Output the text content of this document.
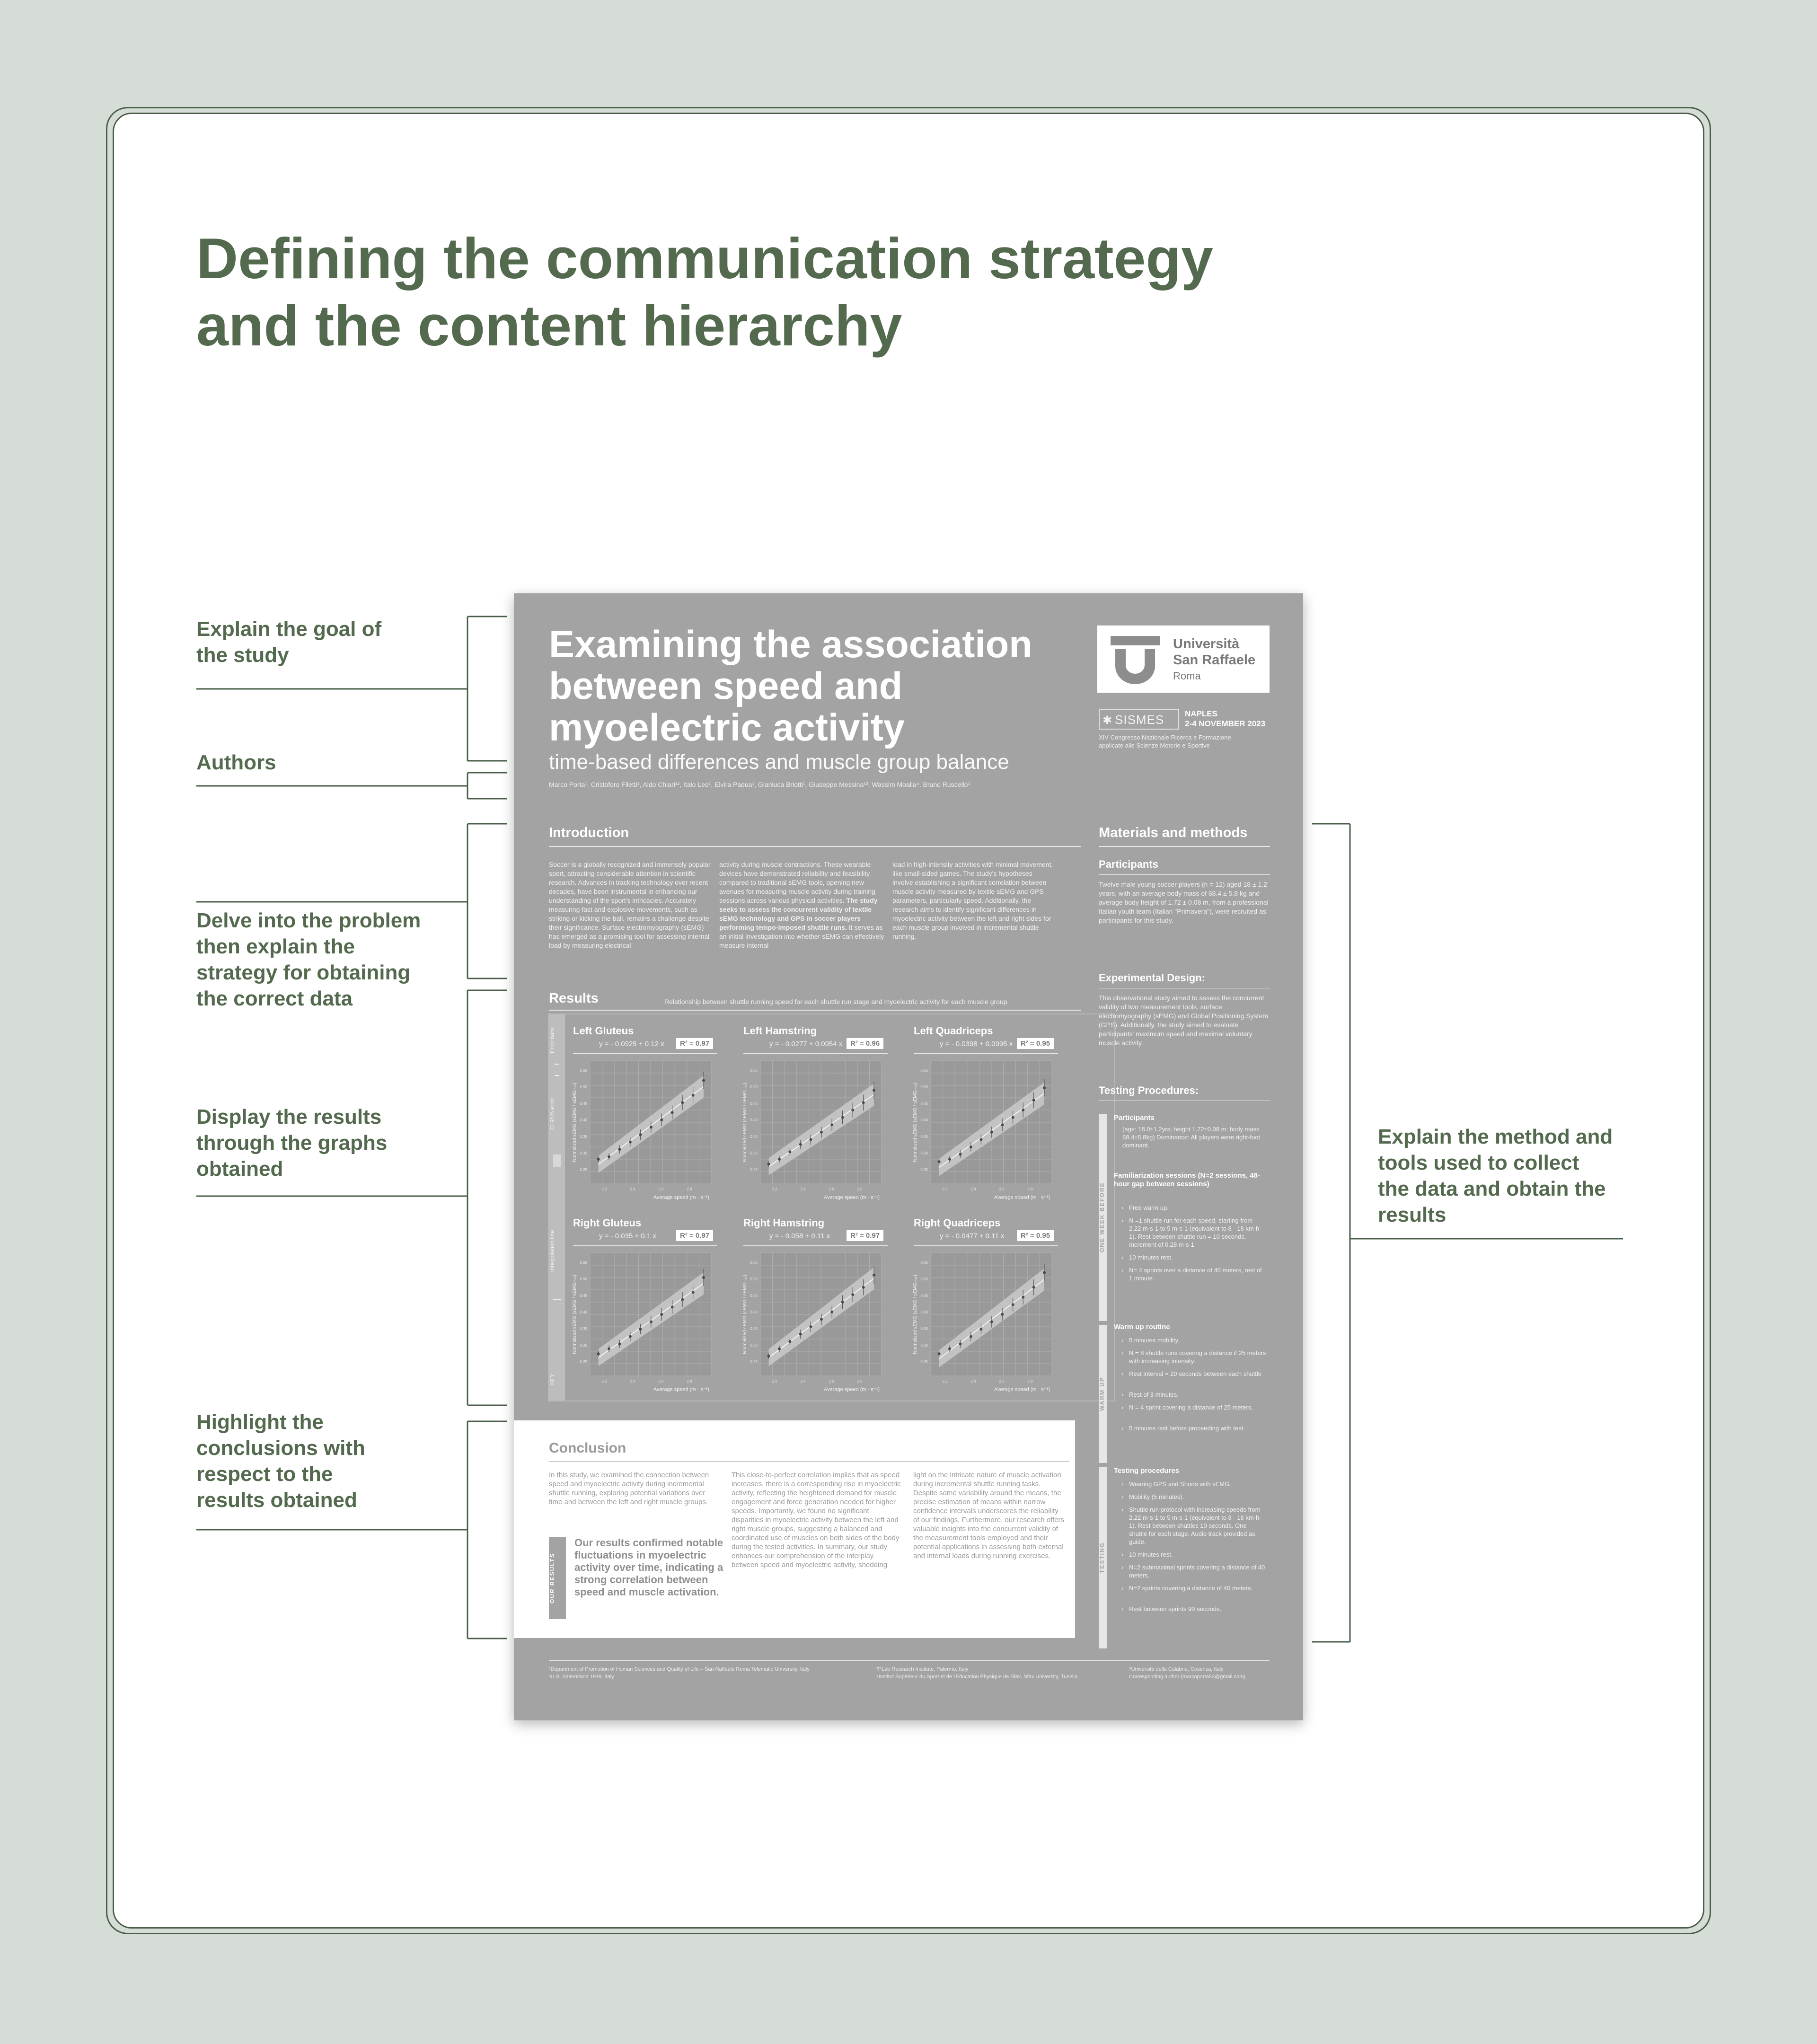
Defining the communication strategy
and the content hierarchy
Explain the goal of
the study
Authors
Delve into the problem
then explain the
strategy for obtaining
the correct data
Display the results
through the graphs
obtained
Highlight the
conclusions with
respect to the
results obtained
Explain the method and
tools used to collect
the data and obtain the
results
Examining the association
between speed and
myoelectric activity
time-based differences and muscle group balance
Marco Porta¹, Cristoforo Filetti¹, Aldo Chiari¹², Italo Leo¹, Elvira Padua¹, Gianluca Briotti¹, Giuseppe Messina¹³, Wassim Moalla⁴, Bruno Ruscello¹
Università
San Raffaele
Roma
✱ SISMES	NAPLES
2-4 NOVEMBER 2023
XIV Congresso Nazionale Ricerca e Formazione
applicate alle Scienze Motorie e Sportive
Introduction
Soccer is a globally recognized and immensely popular sport, attracting considerable attention in scientific research. Advances in tracking technology over recent decades, have been instrumental in enhancing our understanding of the sport's intricacies. Accurately measuring fast and explosive movements, such as striking or kicking the ball, remains a challenge despite their significance. Surface electromyography (sEMG) has emerged as a promising tool for assessing internal load by measuring electrical
activity during muscle contractions. These wearable devices have demonstrated reliability and feasibility compared to traditional sEMG tools, opening new avenues for measuring muscle activity during training sessions across various physical activities. The study seeks to assess the concurrent validity of textile sEMG technology and GPS in soccer players performing tempo-imposed shuttle runs. It serves as an initial investigation into whether sEMG can effectively measure internal
load in high-intensity activities with minimal movement, like small-sided games. The study's hypotheses involve establishing a significant correlation between muscle activity measured by textile sEMG and GPS parameters, particularly speed. Additionally, the research aims to identify significant differences in myoelectric activity between the left and right sides for each muscle group involved in incremental shuttle running.
Results	Relationship between shuttle running speed for each shuttle run stage and myoelectric activity for each muscle group.
KEY
Interpolation line
CI 95% error
Error bars
Conclusion
In this study, we examined the connection between speed and myoelectric activity during incremental shuttle running, exploring potential variations over time and between the left and right muscle groups.
OUR RESULTS
Our results confirmed notable fluctuations in myoelectric activity over time, indicating a strong correlation between speed and muscle activation.
This close-to-perfect correlation implies that as speed increases, there is a corresponding rise in myoelectric activity, reflecting the heightened demand for muscle engagement and force generation needed for higher speeds. Importantly, we found no significant disparities in myoelectric activity between the left and right muscle groups, suggesting a balanced and coordinated use of muscles on both sides of the body during the tested activities. In summary, our study enhances our comprehension of the interplay between speed and myoelectric activity, shedding
light on the intricate nature of muscle activation during incremental shuttle running tasks. Despite some variability around the means, the precise estimation of means within narrow confidence intervals underscores the reliability of our findings. Furthermore, our research offers valuable insights into the concurrent validity of the measurement tools employed and their potential applications in assessing both external and internal loads during running exercises.
Materials and methods
Participants
Twelve male young soccer players (n = 12) aged 18 ± 1.2 years, with an average body mass of 68.4 ± 5.8 kg and average body height of 1.72 ± 0.08 m, from a professional Italian youth team (Italian "Primavera"), were recruited as participants for this study.
Experimental Design:
This observational study aimed to assess the concurrent validity of two measurement tools, surface electromyography (sEMG) and Global Positioning System (GPS). Additionally, the study aimed to evaluate participants' maximum speed and maximal voluntary muscle activity.
Testing Procedures:
ONE WEEK BEFORE
WARM UP
TESTING
Participants
(age: 18.0±1.2yrs; height 1.72±0.08 m; body mass 68.4±5.8kg) Dominance: All players were right-foot dominant.
Familiarization sessions (N=2 sessions, 48-hour gap between sessions)
Warm up routine
Testing procedures
¹Department of Promotion of Human Sciences and Quality of Life – San Raffaele Roma Telematic University, Italy
²U.S. Salernitana 1919, Italy
³PLab Research Institute, Palermo, Italy
⁴Institut Supérieur du Sport et de l'Education Physique de Sfax, Sfax University, Tunisia
⁵Università della Calabria, Cosenza, Italy
Corresponding author (marcoporta83@gmail.com)
› Free warm up.
› N =1 shuttle run for each speed, starting from 2.22 m·s-1 to 5 m·s-1 (equivalent to 8 - 18 km·h-1). Rest between shuttle run = 10 seconds. Increment of 0.28 m·s-1
› 10 minutes rest.
› N= 4 sprints over a distance of 40 meters, rest of 1 minute.
› 5 minutes mobility.
› N = 8 shuttle runs covering a distance if 25 meters with increasing intensity.
› Rest interval = 20 seconds between each shuttle
› Rest of 3 minutes.
› N = 4 sprint covering a distance of 25 meters.
› 5 minutes rest before proceeding with test.
› Wearing GPS and Shorts with sEMG.
› Mobility (5 minutes).
› Shuttle run protocol with increasing speeds from 2.22 m·s-1 to 5 m·s-1 (equivalent to 8 - 18 km·h-1). Rest between shuttles 10 seconds. One shuttle for each stage. Audio track provided as guide.
› 10 minutes rest.
› N=2 submaximal sprints covering a distance of 40 meters.
› N=2 sprints covering a distance of 40 meters.
› Rest between sprints 90 seconds.
Left Gluteus
y = - 0.0925 + 0.12 x	R² = 0.97
0.25
0.30
0.35
0.40
0.45
0.50
0.55
2.2	2.4	2.6	2.8
Average speed (m · s⁻¹)
Normalized sEMG (sEMG / sEMGₘₐₓ)
Left Hamstring
y = - 0.0277 + 0.0954 x	R² = 0.96
0.25
0.30
0.35
0.40
0.45
0.50
0.55
2.2	2.4	2.6	2.8
Average speed (m · s⁻¹)
Normalized sEMG (sEMG / sEMGₘₐₓ)
Left Quadriceps
y = - 0.0398 + 0.0995 x	R² = 0.95
0.25
0.30
0.35
0.40
0.45
0.50
0.55
2.2	2.4	2.6	2.8
Average speed (m · s⁻¹)
Normalized sEMG (sEMG / sEMGₘₐₓ)
Right Gluteus
y = - 0.035 + 0.1 x	R² = 0.97
0.25
0.30
0.35
0.40
0.45
0.50
0.55
2.2	2.4	2.6	2.8
Average speed (m · s⁻¹)
Normalized sEMG (sEMG / sEMGₘₐₓ)
Right Hamstring
y = - 0.058 + 0.11 x	R² = 0.97
0.25
0.30
0.35
0.40
0.45
0.50
0.55
2.2	2.4	2.6	2.8
Average speed (m · s⁻¹)
Normalized sEMG (sEMG / sEMGₘₐₓ)
Right Quadriceps
y = - 0.0477 + 0.11 x	R² = 0.95
0.25
0.30
0.35
0.40
0.45
0.50
0.55
2.2	2.4	2.6	2.8
Average speed (m · s⁻¹)
Normalized sEMG (sEMG / sEMGₘₐₓ)
